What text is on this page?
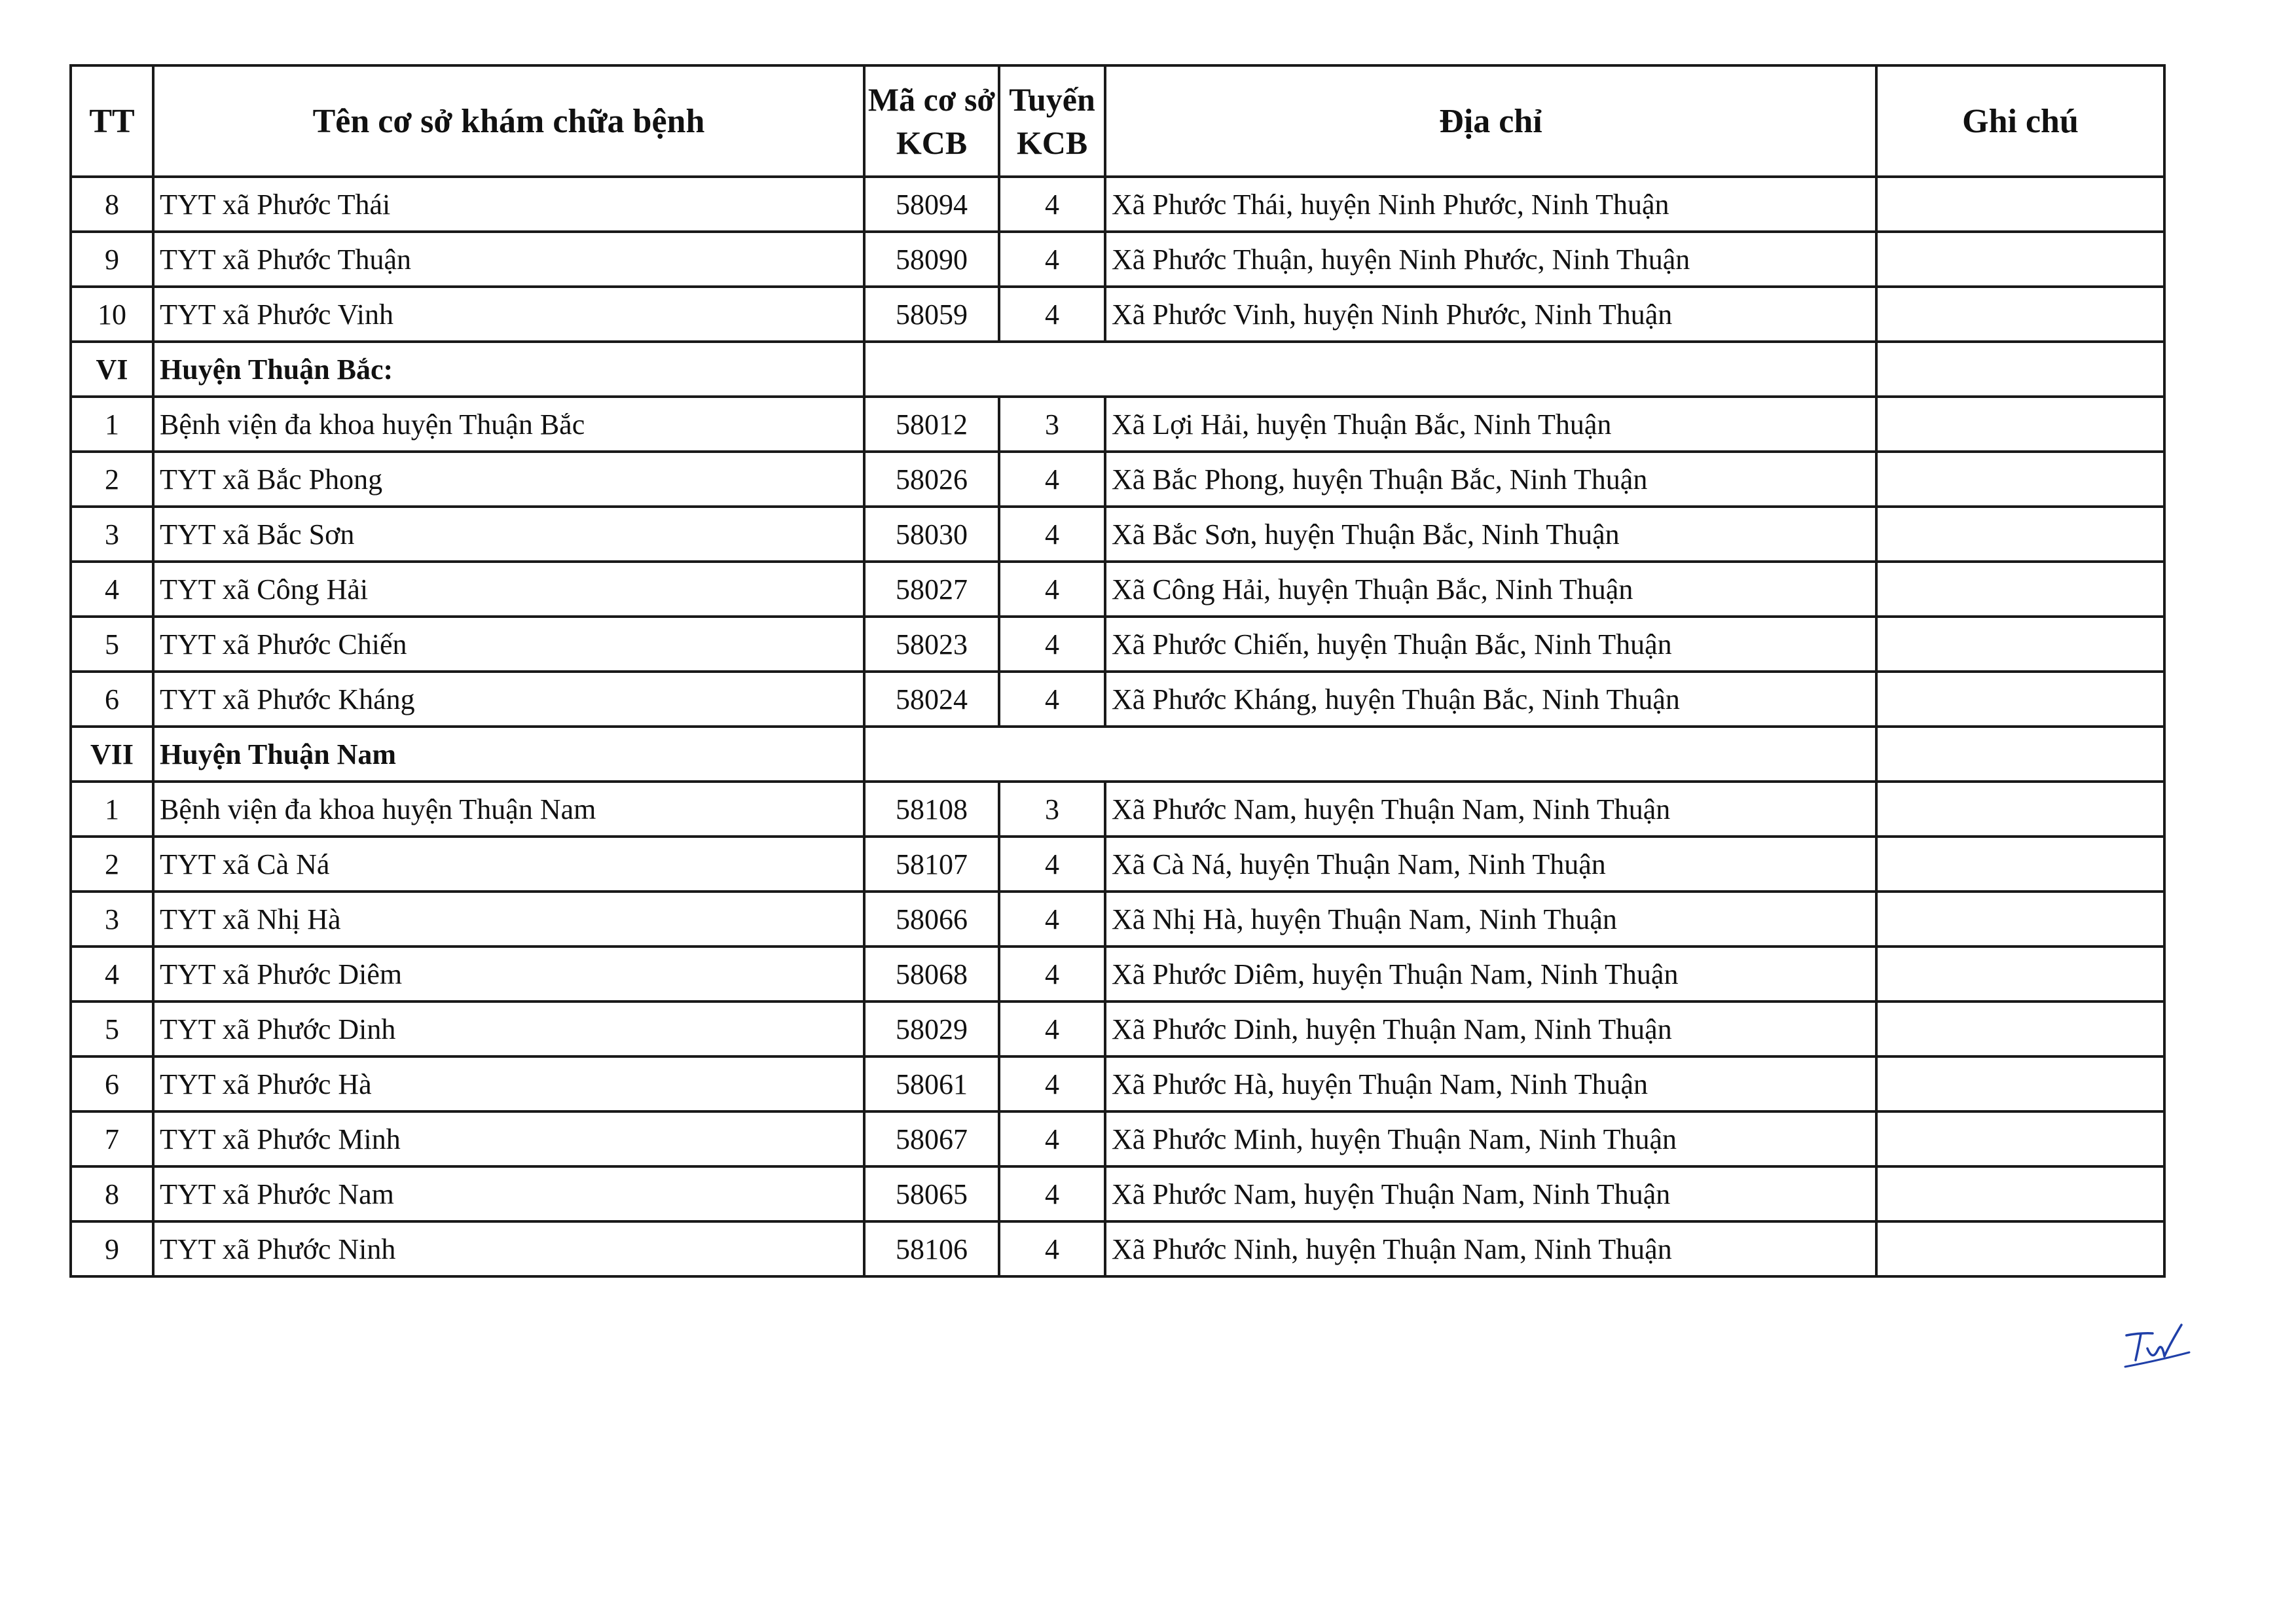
TT	Tên cơ sở khám chữa bệnh	Mã cơ sở KCB	Tuyến KCB	Địa chỉ	Ghi chú
8	TYT xã Phước Thái	58094	4	Xã Phước Thái, huyện Ninh Phước, Ninh Thuận	
9	TYT xã Phước Thuận	58090	4	Xã Phước Thuận, huyện Ninh Phước, Ninh Thuận	
10	TYT xã Phước Vinh	58059	4	Xã Phước Vinh, huyện Ninh Phước, Ninh Thuận	
VI	Huyện Thuận Bắc:				
1	Bệnh viện đa khoa huyện Thuận Bắc	58012	3	Xã Lợi Hải, huyện Thuận Bắc, Ninh Thuận	
2	TYT xã Bắc Phong	58026	4	Xã Bắc Phong, huyện Thuận Bắc, Ninh Thuận	
3	TYT xã Bắc Sơn	58030	4	Xã Bắc Sơn, huyện Thuận Bắc, Ninh Thuận	
4	TYT xã Công Hải	58027	4	Xã Công Hải, huyện Thuận Bắc, Ninh Thuận	
5	TYT xã Phước Chiến	58023	4	Xã Phước Chiến, huyện Thuận Bắc, Ninh Thuận	
6	TYT xã Phước Kháng	58024	4	Xã Phước Kháng, huyện Thuận Bắc, Ninh Thuận	
VII	Huyện Thuận Nam				
1	Bệnh viện đa khoa huyện Thuận Nam	58108	3	Xã Phước Nam, huyện Thuận Nam, Ninh Thuận	
2	TYT xã Cà Ná	58107	4	Xã Cà Ná, huyện Thuận Nam, Ninh Thuận	
3	TYT xã Nhị Hà	58066	4	Xã Nhị Hà, huyện Thuận Nam, Ninh Thuận	
4	TYT xã Phước Diêm	58068	4	Xã Phước Diêm, huyện Thuận Nam, Ninh Thuận	
5	TYT xã Phước Dinh	58029	4	Xã Phước Dinh, huyện Thuận Nam, Ninh Thuận	
6	TYT xã Phước Hà	58061	4	Xã Phước Hà, huyện Thuận Nam, Ninh Thuận	
7	TYT xã Phước Minh	58067	4	Xã Phước Minh, huyện Thuận Nam, Ninh Thuận	
8	TYT xã Phước Nam	58065	4	Xã Phước Nam, huyện Thuận Nam, Ninh Thuận	
9	TYT xã Phước Ninh	58106	4	Xã Phước Ninh, huyện Thuận Nam, Ninh Thuận	
